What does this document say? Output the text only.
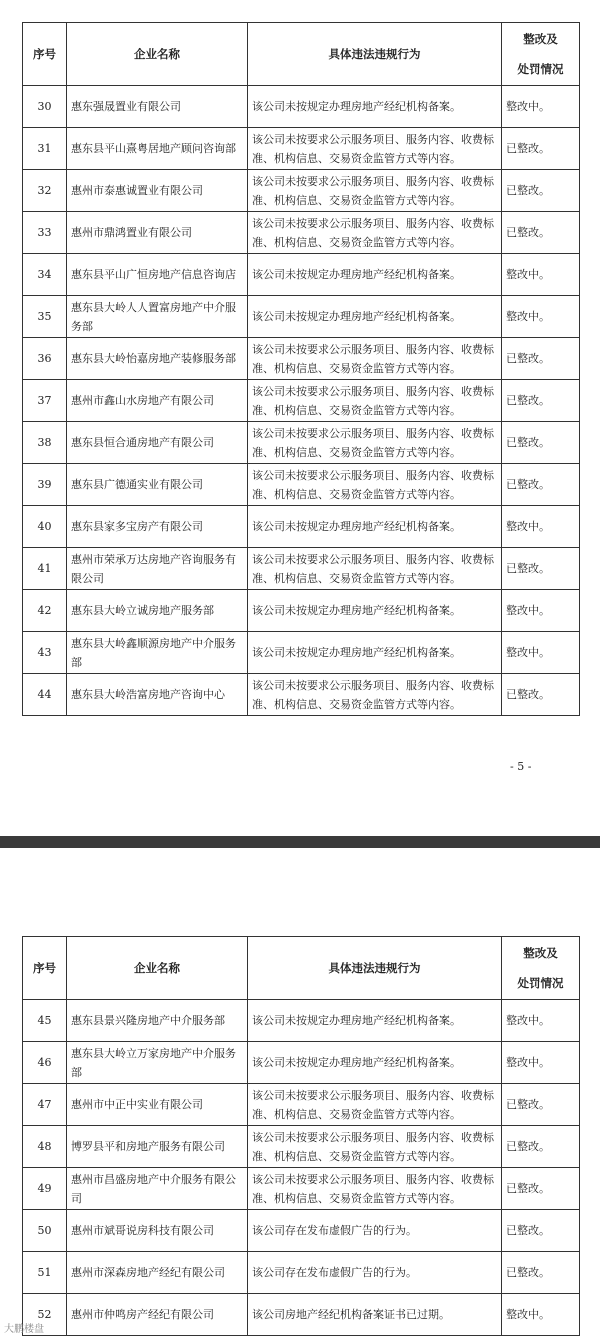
序号	企业名称	具体违法违规行为	整改及
处罚情况
30	惠东强晟置业有限公司	该公司未按规定办理房地产经纪机构备案。	整改中。
31	惠东县平山熹粤居地产顾问咨询部	该公司未按要求公示服务项目、服务内容、收费标准、机构信息、交易资金监管方式等内容。	已整改。
32	惠州市泰惠诚置业有限公司	该公司未按要求公示服务项目、服务内容、收费标准、机构信息、交易资金监管方式等内容。	已整改。
33	惠州市鼎鸿置业有限公司	该公司未按要求公示服务项目、服务内容、收费标准、机构信息、交易资金监管方式等内容。	已整改。
34	惠东县平山广恒房地产信息咨询店	该公司未按规定办理房地产经纪机构备案。	整改中。
35	惠东县大岭人人置富房地产中介服务部	该公司未按规定办理房地产经纪机构备案。	整改中。
36	惠东县大岭怡嘉房地产装修服务部	该公司未按要求公示服务项目、服务内容、收费标准、机构信息、交易资金监管方式等内容。	已整改。
37	惠州市鑫山水房地产有限公司	该公司未按要求公示服务项目、服务内容、收费标准、机构信息、交易资金监管方式等内容。	已整改。
38	惠东县恒合通房地产有限公司	该公司未按要求公示服务项目、服务内容、收费标准、机构信息、交易资金监管方式等内容。	已整改。
39	惠东县广德通实业有限公司	该公司未按要求公示服务项目、服务内容、收费标准、机构信息、交易资金监管方式等内容。	已整改。
40	惠东县家多宝房产有限公司	该公司未按规定办理房地产经纪机构备案。	整改中。
41	惠州市荣承万达房地产咨询服务有限公司	该公司未按要求公示服务项目、服务内容、收费标准、机构信息、交易资金监管方式等内容。	已整改。
42	惠东县大岭立诚房地产服务部	该公司未按规定办理房地产经纪机构备案。	整改中。
43	惠东县大岭鑫顺源房地产中介服务部	该公司未按规定办理房地产经纪机构备案。	整改中。
44	惠东县大岭浩富房地产咨询中心	该公司未按要求公示服务项目、服务内容、收费标准、机构信息、交易资金监管方式等内容。	已整改。
- 5 -
序号	企业名称	具体违法违规行为	整改及
处罚情况
45	惠东县景兴隆房地产中介服务部	该公司未按规定办理房地产经纪机构备案。	整改中。
46	惠东县大岭立万家房地产中介服务部	该公司未按规定办理房地产经纪机构备案。	整改中。
47	惠州市中正中实业有限公司	该公司未按要求公示服务项目、服务内容、收费标准、机构信息、交易资金监管方式等内容。	已整改。
48	博罗县平和房地产服务有限公司	该公司未按要求公示服务项目、服务内容、收费标准、机构信息、交易资金监管方式等内容。	已整改。
49	惠州市昌盛房地产中介服务有限公司	该公司未按要求公示服务项目、服务内容、收费标准、机构信息、交易资金监管方式等内容。	已整改。
50	惠州市斌哥说房科技有限公司	该公司存在发布虚假广告的行为。	已整改。
51	惠州市深森房地产经纪有限公司	该公司存在发布虚假广告的行为。	已整改。
52	惠州市仲鸣房产经纪有限公司	该公司房地产经纪机构备案证书已过期。	整改中。
大鹏楼盘
